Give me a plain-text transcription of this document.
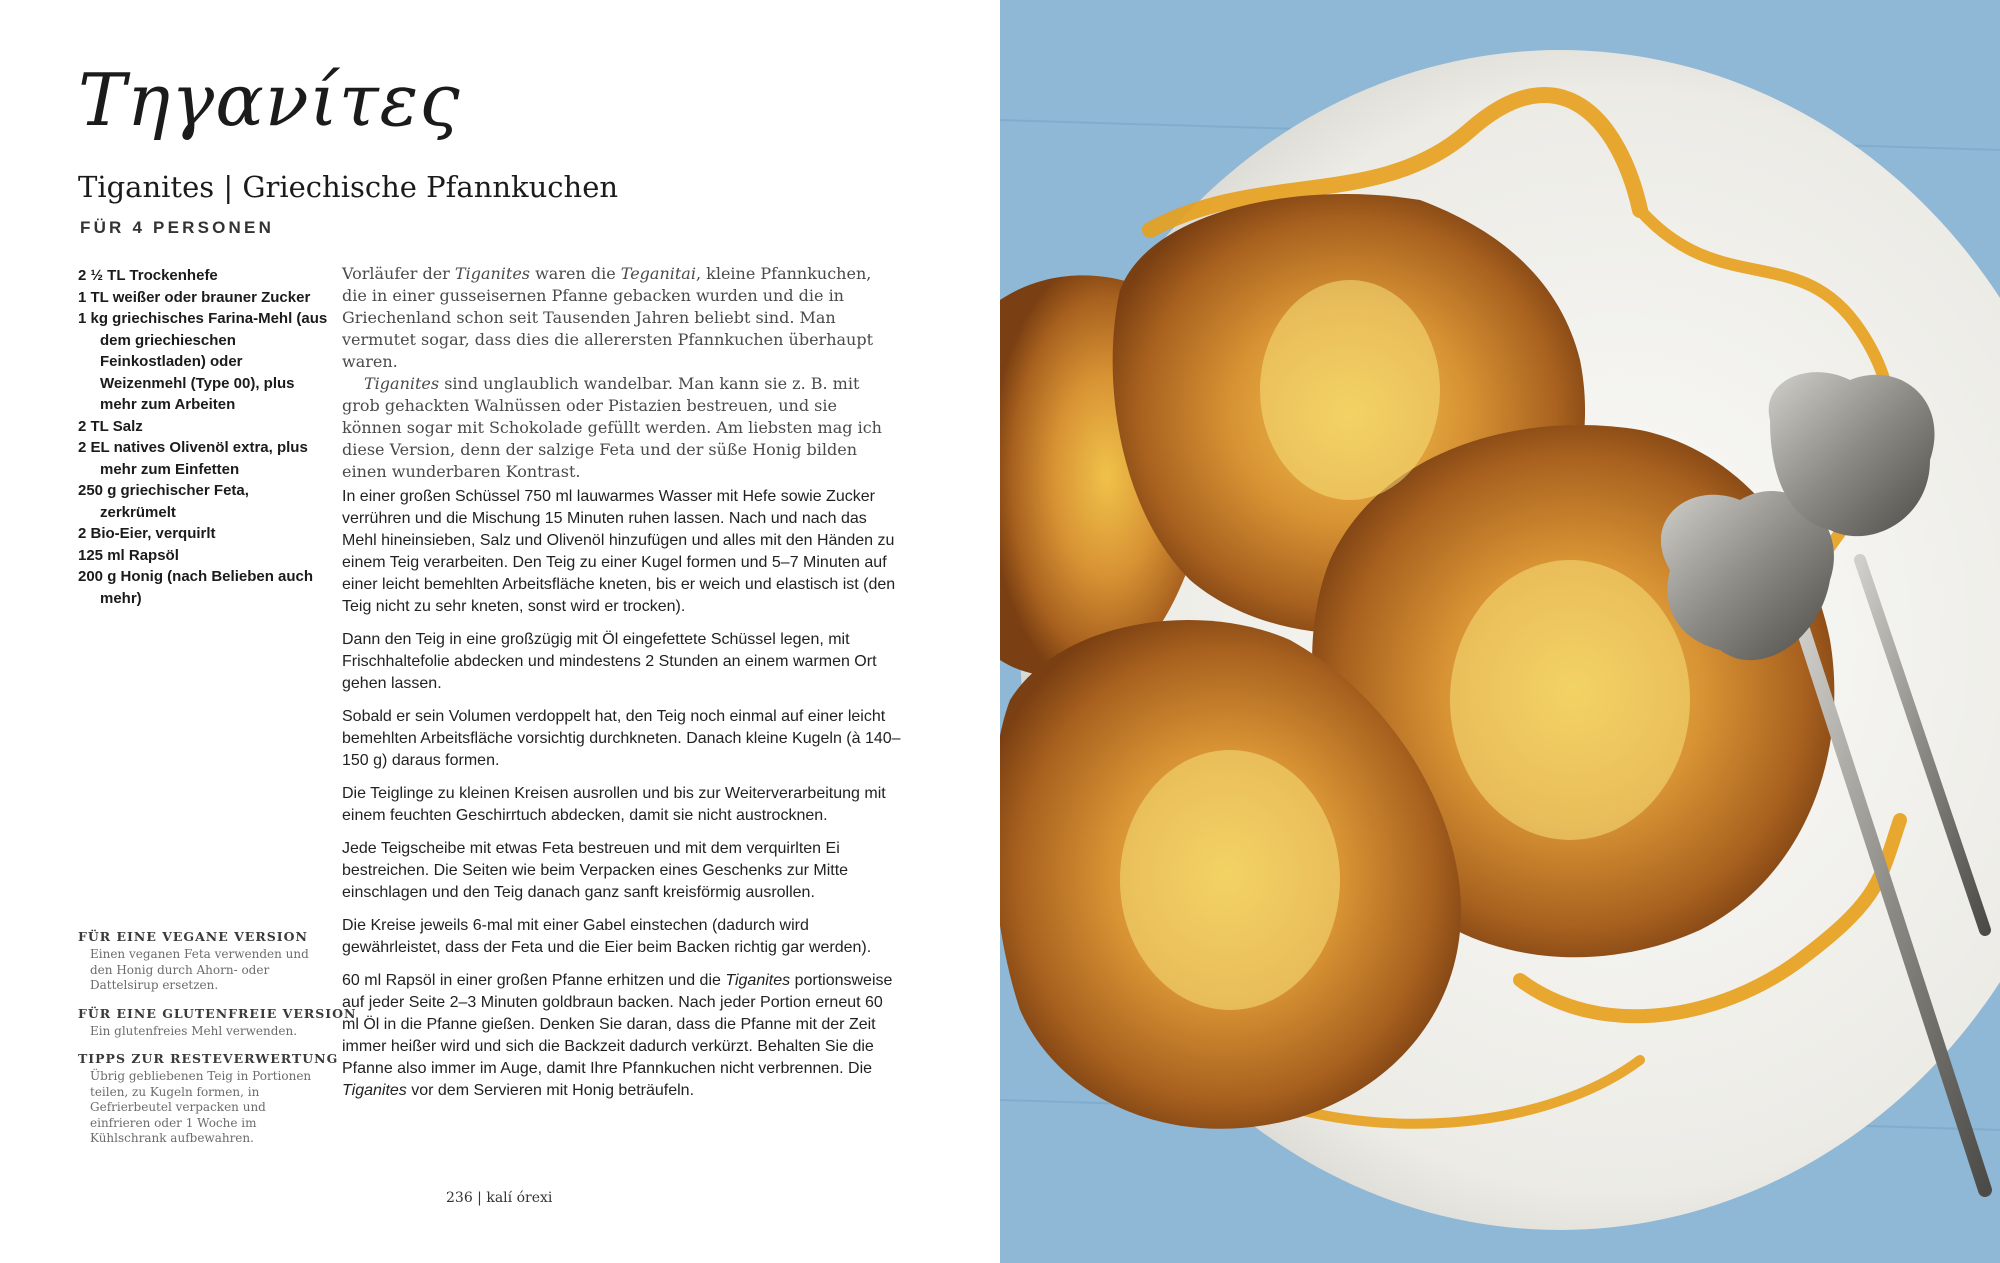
Τηγανίτες
Tiganites | Griechische Pfannkuchen
FÜR 4 PERSONEN
2 ½ TL Trockenhefe
1 TL weißer oder brauner Zucker
1 kg griechisches Farina-Mehl (aus dem griechieschen Feinkostladen) oder Weizenmehl (Type 00), plus mehr zum Arbeiten
2 TL Salz
2 EL natives Olivenöl extra, plus mehr zum Einfetten
250 g griechischer Feta, zerkrümelt
2 Bio-Eier, verquirlt
125 ml Rapsöl
200 g Honig (nach Belieben auch mehr)

Vorläufer der Tiganites waren die Teganitai, kleine Pfannkuchen, die in einer gusseisernen Pfanne gebacken wurden und die in Griechenland schon seit Tausenden Jahren beliebt sind. Man vermutet sogar, dass dies die allerersten Pfannkuchen überhaupt waren.

Tiganites sind unglaublich wandelbar. Man kann sie z. B. mit grob gehackten Walnüssen oder Pistazien bestreuen, und sie können sogar mit Schokolade gefüllt werden. Am liebsten mag ich diese Version, denn der salzige Feta und der süße Honig bilden einen wunderbaren Kontrast.

In einer großen Schüssel 750 ml lauwarmes Wasser mit Hefe sowie Zucker verrühren und die Mischung 15 Minuten ruhen lassen. Nach und nach das Mehl hineinsieben, Salz und Olivenöl hinzufügen und alles mit den Händen zu einem Teig verarbeiten. Den Teig zu einer Kugel formen und 5–7 Minuten auf einer leicht bemehlten Arbeitsfläche kneten, bis er weich und elastisch ist (den Teig nicht zu sehr kneten, sonst wird er trocken).

Dann den Teig in eine großzügig mit Öl eingefettete Schüssel legen, mit Frischhaltefolie abdecken und mindestens 2 Stunden an einem warmen Ort gehen lassen.

Sobald er sein Volumen verdoppelt hat, den Teig noch einmal auf einer leicht bemehlten Arbeitsfläche vorsichtig durchkneten. Danach kleine Kugeln (à 140–150 g) daraus formen.

Die Teiglinge zu kleinen Kreisen ausrollen und bis zur Weiterverarbeitung mit einem feuchten Geschirrtuch abdecken, damit sie nicht austrocknen.

Jede Teigscheibe mit etwas Feta bestreuen und mit dem verquirlten Ei bestreichen. Die Seiten wie beim Verpacken eines Geschenks zur Mitte einschlagen und den Teig danach ganz sanft kreisförmig ausrollen.

Die Kreise jeweils 6-mal mit einer Gabel einstechen (dadurch wird gewährleistet, dass der Feta und die Eier beim Backen richtig gar werden).

60 ml Rapsöl in einer großen Pfanne erhitzen und die Tiganites portionsweise auf jeder Seite 2–3 Minuten goldbraun backen. Nach jeder Portion erneut 60 ml Öl in die Pfanne gießen. Denken Sie daran, dass die Pfanne mit der Zeit immer heißer wird und sich die Backzeit dadurch verkürzt. Behalten Sie die Pfanne also immer im Auge, damit Ihre Pfannkuchen nicht verbrennen. Die Tiganites vor dem Servieren mit Honig beträufeln.

FÜR EINE VEGANE VERSION
Einen veganen Feta verwenden und den Honig durch Ahorn- oder Dattelsirup ersetzen.
FÜR EINE GLUTENFREIE VERSION
Ein glutenfreies Mehl verwenden.
TIPPS ZUR RESTEVERWERTUNG
Übrig gebliebenen Teig in Portionen teilen, zu Kugeln formen, in Gefrierbeutel verpacken und einfrieren oder 1 Woche im Kühlschrank aufbewahren.
236 | kalí órexi
